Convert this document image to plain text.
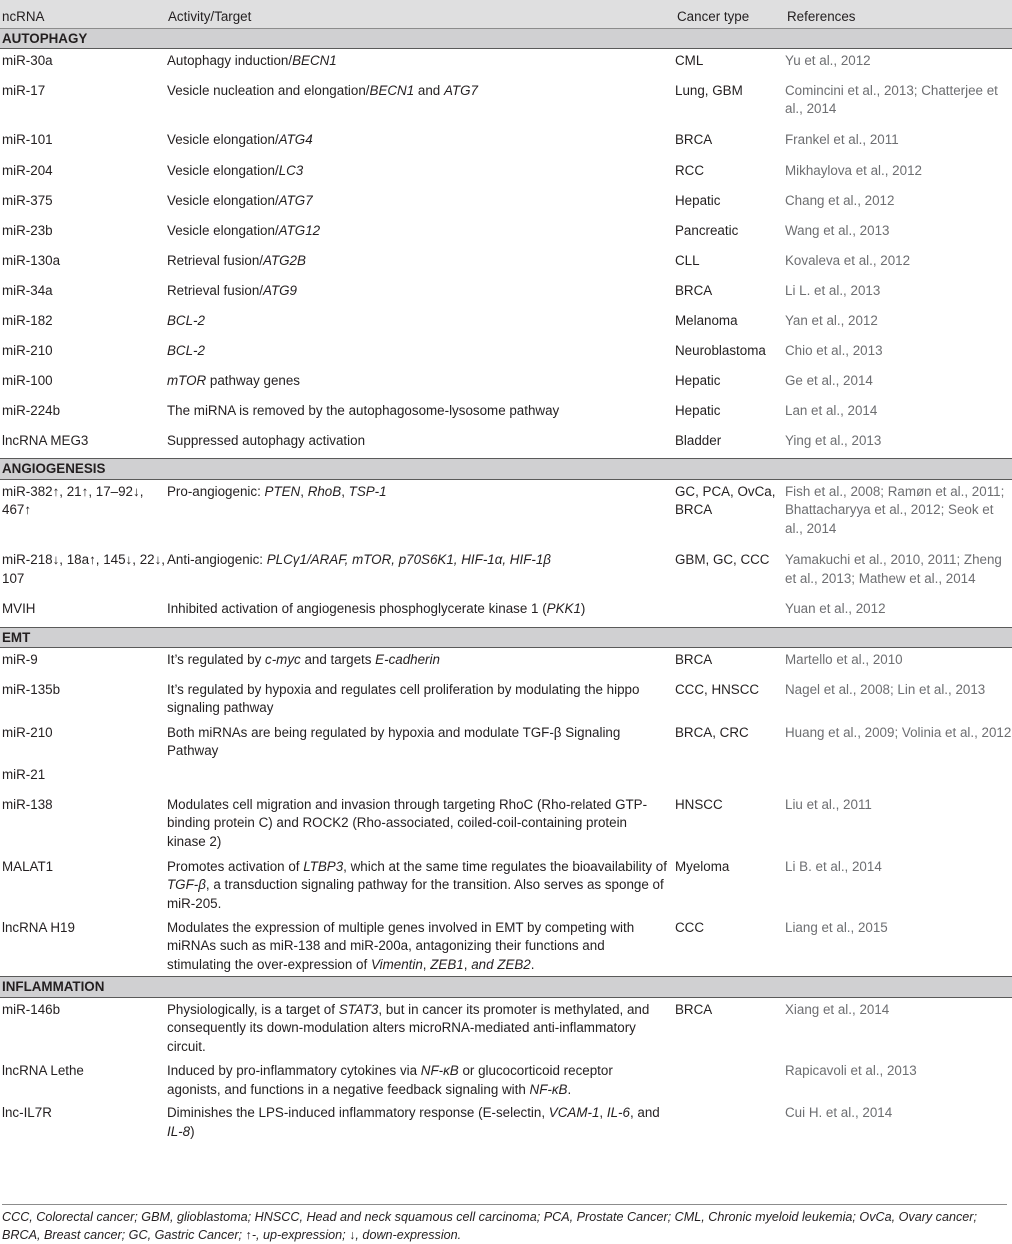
ncRNA	Activity/Target	Cancer type	References
AUTOPHAGY			
miR-30a	Autophagy induction/BECN1	CML	Yu et al., 2012
miR-17	Vesicle nucleation and elongation/BECN1 and ATG7	Lung, GBM	Comincini et al., 2013; Chatterjee et al., 2014
miR-101	Vesicle elongation/ATG4	BRCA	Frankel et al., 2011
miR-204	Vesicle elongation/LC3	RCC	Mikhaylova et al., 2012
miR-375	Vesicle elongation/ATG7	Hepatic	Chang et al., 2012
miR-23b	Vesicle elongation/ATG12	Pancreatic	Wang et al., 2013
miR-130a	Retrieval fusion/ATG2B	CLL	Kovaleva et al., 2012
miR-34a	Retrieval fusion/ATG9	BRCA	Li L. et al., 2013
miR-182	BCL-2	Melanoma	Yan et al., 2012
miR-210	BCL-2	Neuroblastoma	Chio et al., 2013
miR-100	mTOR pathway genes	Hepatic	Ge et al., 2014
miR-224b	The miRNA is removed by the autophagosome-lysosome pathway	Hepatic	Lan et al., 2014
lncRNA MEG3	Suppressed autophagy activation	Bladder	Ying et al., 2013
ANGIOGENESIS			
miR-382↑, 21↑, 17–92↓, 467↑	Pro-angiogenic: PTEN, RhoB, TSP-1	GC, PCA, OvCa, BRCA	Fish et al., 2008; Ramøn et al., 2011; Bhattacharyya et al., 2012; Seok et al., 2014
miR-218↓, 18a↑, 145↓, 22↓, 107	Anti-angiogenic: PLCγ1/ARAF, mTOR, p70S6K1, HIF-1α, HIF-1β	GBM, GC, CCC	Yamakuchi et al., 2010, 2011; Zheng et al., 2013; Mathew et al., 2014
MVIH	Inhibited activation of angiogenesis phosphoglycerate kinase 1 (PKK1)		Yuan et al., 2012
EMT			
miR-9	It’s regulated by c-myc and targets E-cadherin	BRCA	Martello et al., 2010
miR-135b	It’s regulated by hypoxia and regulates cell proliferation by modulating the hippo signaling pathway	CCC, HNSCC	Nagel et al., 2008; Lin et al., 2013
miR-210	Both miRNAs are being regulated by hypoxia and modulate TGF-β Signaling Pathway	BRCA, CRC	Huang et al., 2009; Volinia et al., 2012
miR-21			
miR-138	Modulates cell migration and invasion through targeting RhoC (Rho-related GTP-binding protein C) and ROCK2 (Rho-associated, coiled-coil-containing protein kinase 2)	HNSCC	Liu et al., 2011
MALAT1	Promotes activation of LTBP3, which at the same time regulates the bioavailability of TGF-β, a transduction signaling pathway for the transition. Also serves as sponge of miR-205.	Myeloma	Li B. et al., 2014
lncRNA H19	Modulates the expression of multiple genes involved in EMT by competing with miRNAs such as miR-138 and miR-200a, antagonizing their functions and stimulating the over-expression of Vimentin, ZEB1, and ZEB2.	CCC	Liang et al., 2015
INFLAMMATION			
miR-146b	Physiologically, is a target of STAT3, but in cancer its promoter is methylated, and consequently its down-modulation alters microRNA-mediated anti-inflammatory circuit.	BRCA	Xiang et al., 2014
lncRNA Lethe	Induced by pro-inflammatory cytokines via NF-κB or glucocorticoid receptor agonists, and functions in a negative feedback signaling with NF-κB.		Rapicavoli et al., 2013
lnc-IL7R	Diminishes the LPS-induced inflammatory response (E-selectin, VCAM-1, IL-6, and IL-8)		Cui H. et al., 2014
CCC, Colorectal cancer; GBM, glioblastoma; HNSCC, Head and neck squamous cell carcinoma; PCA, Prostate Cancer; CML, Chronic myeloid leukemia; OvCa, Ovary cancer; BRCA, Breast cancer; GC, Gastric Cancer; ↑-, up-expression; ↓, down-expression.
